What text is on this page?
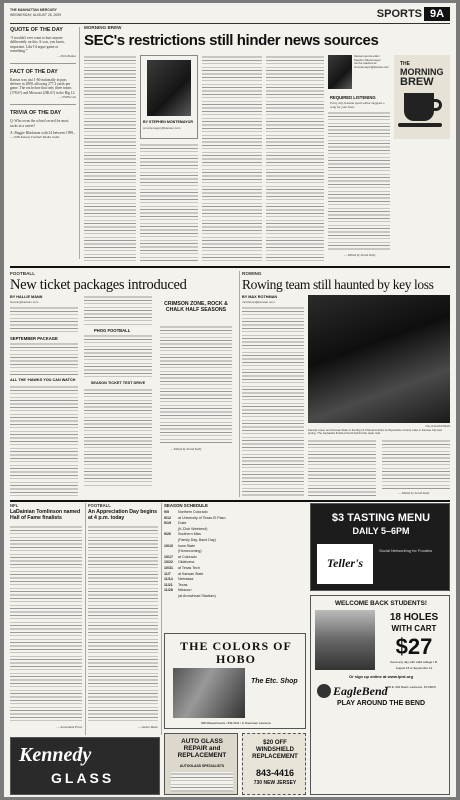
THE MANHATTAN MERCURY
WEDNESDAY, AUGUST 26, 2009	SPORTS 9A
QUOTE OF THE DAY
“I wouldn't ever want to hurt anyone deliberately on this. It was, you know, important. Like I'd argue game or something.”
— Dick Butkus
FACT OF THE DAY
Kansas was just 1-60 nationally in pass defense in 2008, allowing 277.2 yards per game. The era before that only three teams (178.6?) and Missouri (286.6?) in the Big 12.
— ESPN.com
TRIVIA OF THE DAY
Q: Who owns the school record for most sacks in a career?
A: Reggie Blackmon with 24 between 1999–
— 2009 Kansas Football Media Guide
MORNING BREW
SEC's restrictions still hinder news sources
BY STEPHEN MONTEMAYOR
smontemayor@kansan.com
Kansan sports editor Stephen Montemayor can be reached at smontemayor@kansan.com
REQUIRED LISTENING
Every day, Kansan sports editor suggests a song for your brew.
— Edited by Sarah Kelly
THE
MORNING
BREW
FOOTBALL
New ticket packages introduced
BY HALLIE MANN
hmann@kansan.com
SEPTEMBER PACKAGE
ALL THE ‘HAWKS YOU CAN WATCH
PHOG FOOTBALL
SEASON TICKET TEST DRIVE
CRIMSON ZONE, ROCK & CHALK HALF SEASONS
— Edited by Sarah Kelly
ROWING
Rowing team still haunted by key loss
BY MAX ROTHMAN
mrothman@kansan.com
File photo/KANSAN
Kansas rower and Kansas State in the Big 12 Championships at Wyandotte County Lake in Kansas City last spring. The Jayhawks finished fourth behind the state rival.
— Edited by Sarah Kelly
NFL
LaDainian Tomlinson named Hall of Fame finalists
— Associated Press
FOOTBALL
An Appreciation Day begins at 4 p.m. today
— Austin Mann
SEASON SCHEDULE
9/5	Northern Colorado
9/12	at University of Texas El Paso
9/19	Duke
(K-Club Weekend)
9/26	Southern Miss
(Family Day, Band Day)
10/10	Iowa State
(Homecoming)
10/17	at Colorado
10/22	Oklahoma
10/31	at Texas Tech
11/7	at Kansas State
11/14	Nebraska
11/21	Texas
11/28	Missouri
(at Arrowhead Stadium)
THE COLORS OF HOBO
The Etc. Shop
928 Massachusetts • 843-0611 • In Downtown Lawrence
$3 TASTING MENU
DAILY 5–6PM
Teller's
Social Networking for Foodies
WELCOME BACK STUDENTS!
18 HOLES
WITH CART
$27
Good any day with valid college I.D.
August 16 to September 12
Or sign up online at www.lprd.org
EagleBend
1250 E. 902 Road • Lawrence, KS 66047
PLAY AROUND THE BEND
Kennedy
GLASS
AUTO GLASS
REPAIR and
REPLACEMENT
AUTOGLASS SPECIALISTS
$20 OFF
WINDSHIELD
REPLACEMENT
843-4416
730 NEW JERSEY
